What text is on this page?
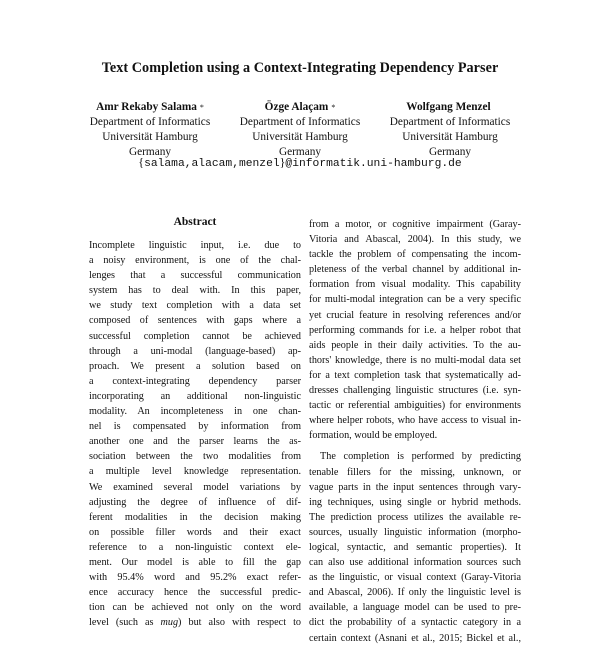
Text Completion using a Context-Integrating Dependency Parser
Amr Rekaby Salama *
Department of Informatics
Universität Hamburg
Germany
Özge Alaçam *
Department of Informatics
Universität Hamburg
Germany
Wolfgang Menzel
Department of Informatics
Universität Hamburg
Germany
{salama,alacam,menzel}@informatik.uni-hamburg.de
Abstract

Incomplete linguistic input, i.e. due to
a noisy environment, is one of the chal-
lenges that a successful communication
system has to deal with. In this paper,
we study text completion with a data set
composed of sentences with gaps where a
successful completion cannot be achieved
through a uni-modal (language-based) ap-
proach. We present a solution based on
a context-integrating dependency parser
incorporating an additional non-linguistic
modality. An incompleteness in one chan-
nel is compensated by information from
another one and the parser learns the as-
sociation between the two modalities from
a multiple level knowledge representation.
We examined several model variations by
adjusting the degree of influence of dif-
ferent modalities in the decision making
on possible filler words and their exact
reference to a non-linguistic context ele-
ment. Our model is able to fill the gap
with 95.4% word and 95.2% exact refer-
ence accuracy hence the successful predic-
tion can be achieved not only on the word
level (such as mug) but also with respect to

from a motor, or cognitive impairment (Garay-
Vitoria and Abascal, 2004). In this study, we
tackle the problem of compensating the incom-
pleteness of the verbal channel by additional in-
formation from visual modality. This capability
for multi-modal integration can be a very specific
yet crucial feature in resolving references and/or
performing commands for i.e. a helper robot that
aids people in their daily activities. To the au-
thors' knowledge, there is no multi-modal data set
for a text completion task that systematically ad-
dresses challenging linguistic structures (i.e. syn-
tactic or referential ambiguities) for environments
where helper robots, who have access to visual in-
formation, would be employed.

The completion is performed by predicting
tenable fillers for the missing, unknown, or
vague parts in the input sentences through vary-
ing techniques, using single or hybrid methods.
The prediction process utilizes the available re-
sources, usually linguistic information (morpho-
logical, syntactic, and semantic properties). It
can also use additional information sources such
as the linguistic, or visual context (Garay-Vitoria
and Abascal, 2006). If only the linguistic level is
available, a language model can be used to pre-
dict the probability of a syntactic category in a
certain context (Asnani et al., 2015; Bickel et al.,
